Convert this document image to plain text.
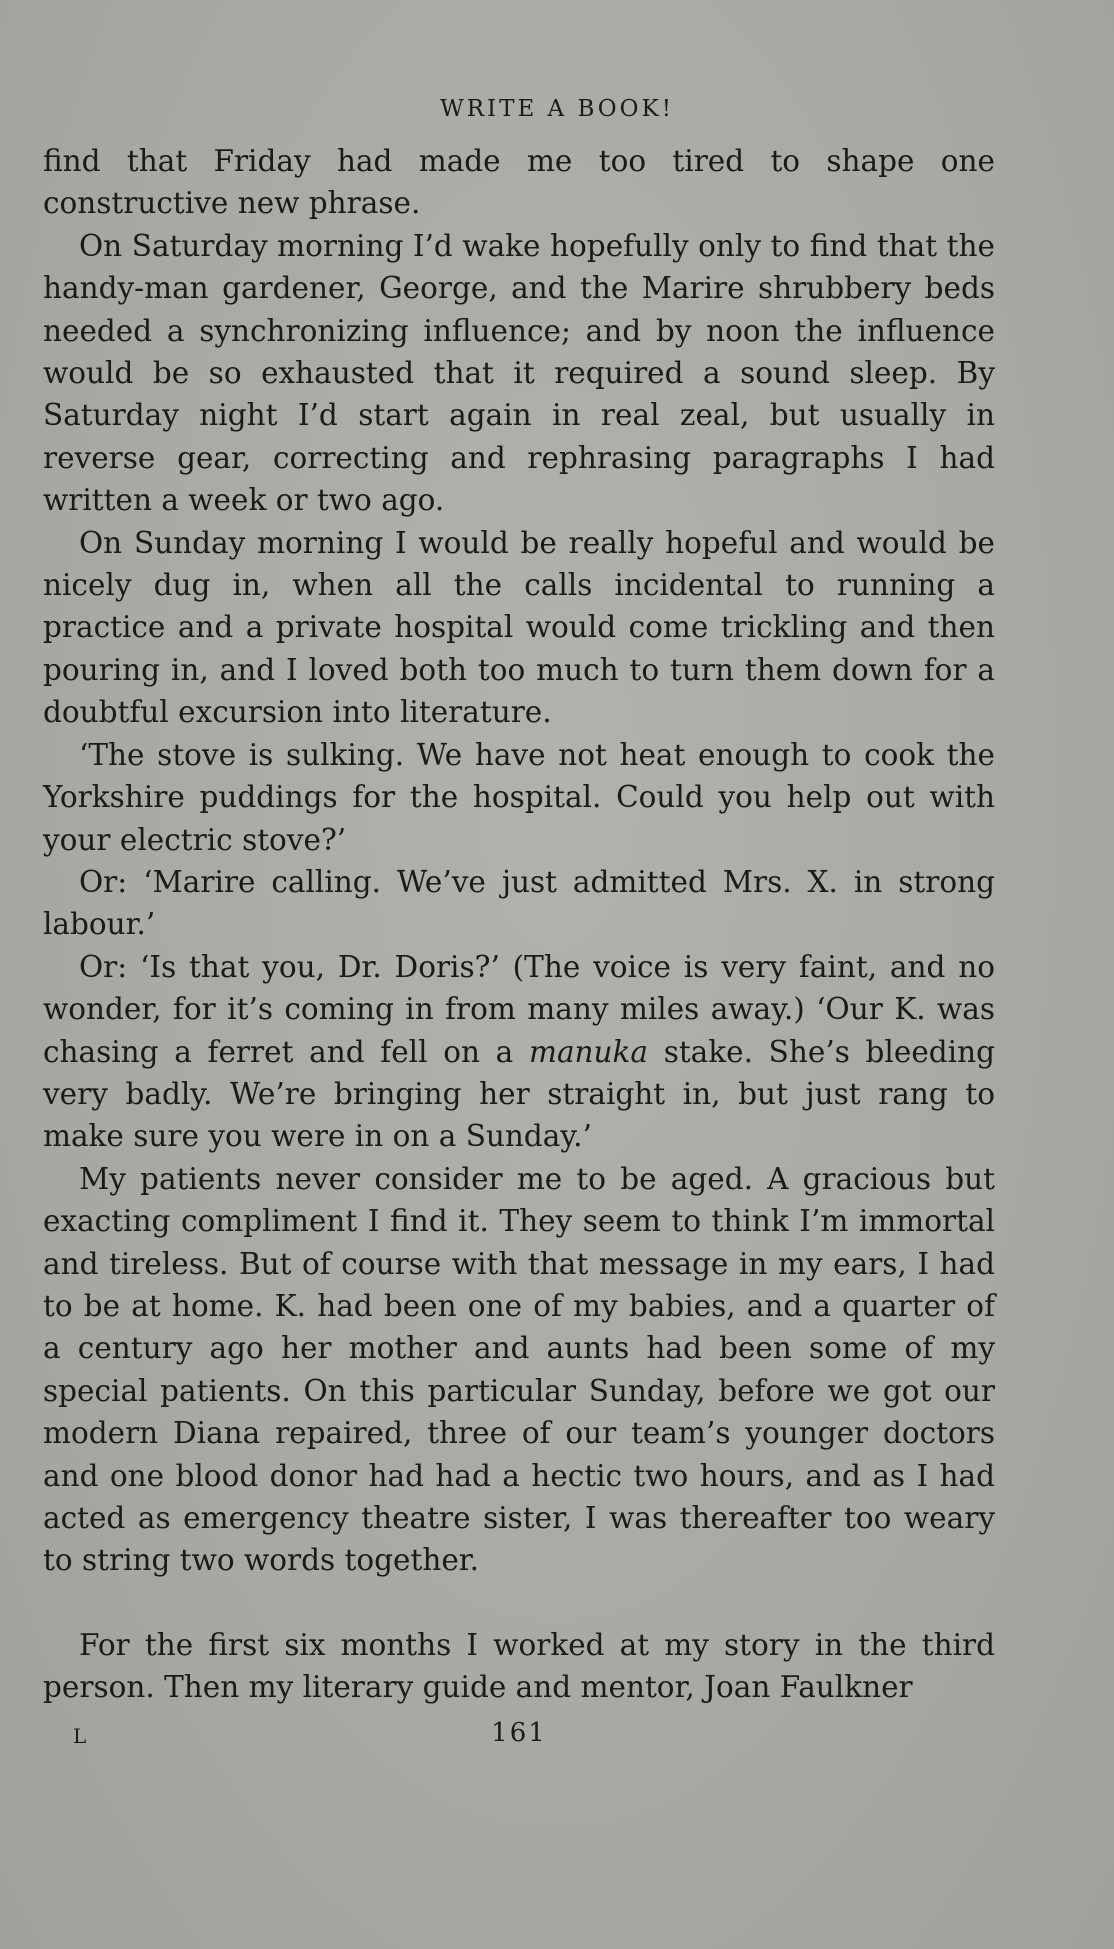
WRITE A BOOK!

find that Friday had made me too tired to shape one constructive new phrase.

On Saturday morning I’d wake hopefully only to find that the handy-man gardener, George, and the Marire shrubbery beds needed a synchronizing influence; and by noon the influence would be so exhausted that it required a sound sleep. By Saturday night I’d start again in real zeal, but usually in reverse gear, correcting and rephrasing paragraphs I had written a week or two ago.

On Sunday morning I would be really hopeful and would be nicely dug in, when all the calls incidental to running a practice and a private hospital would come trickling and then pouring in, and I loved both too much to turn them down for a doubtful excursion into literature.

‘The stove is sulking. We have not heat enough to cook the Yorkshire puddings for the hospital. Could you help out with your electric stove?’

Or: ‘Marire calling. We’ve just admitted Mrs. X. in strong labour.’

Or: ‘Is that you, Dr. Doris?’ (The voice is very faint, and no wonder, for it’s coming in from many miles away.) ‘Our K. was chasing a ferret and fell on a manuka stake. She’s bleeding very badly. We’re bringing her straight in, but just rang to make sure you were in on a Sunday.’

My patients never consider me to be aged. A gracious but exacting compliment I find it. They seem to think I’m immortal and tireless. But of course with that message in my ears, I had to be at home. K. had been one of my babies, and a quarter of a century ago her mother and aunts had been some of my special patients. On this particular Sunday, before we got our modern Diana repaired, three of our team’s younger doctors and one blood donor had had a hectic two hours, and as I had acted as emergency theatre sister, I was thereafter too weary to string two words together.

For the first six months I worked at my story in the third person. Then my literary guide and mentor, Joan Faulkner

L	161
